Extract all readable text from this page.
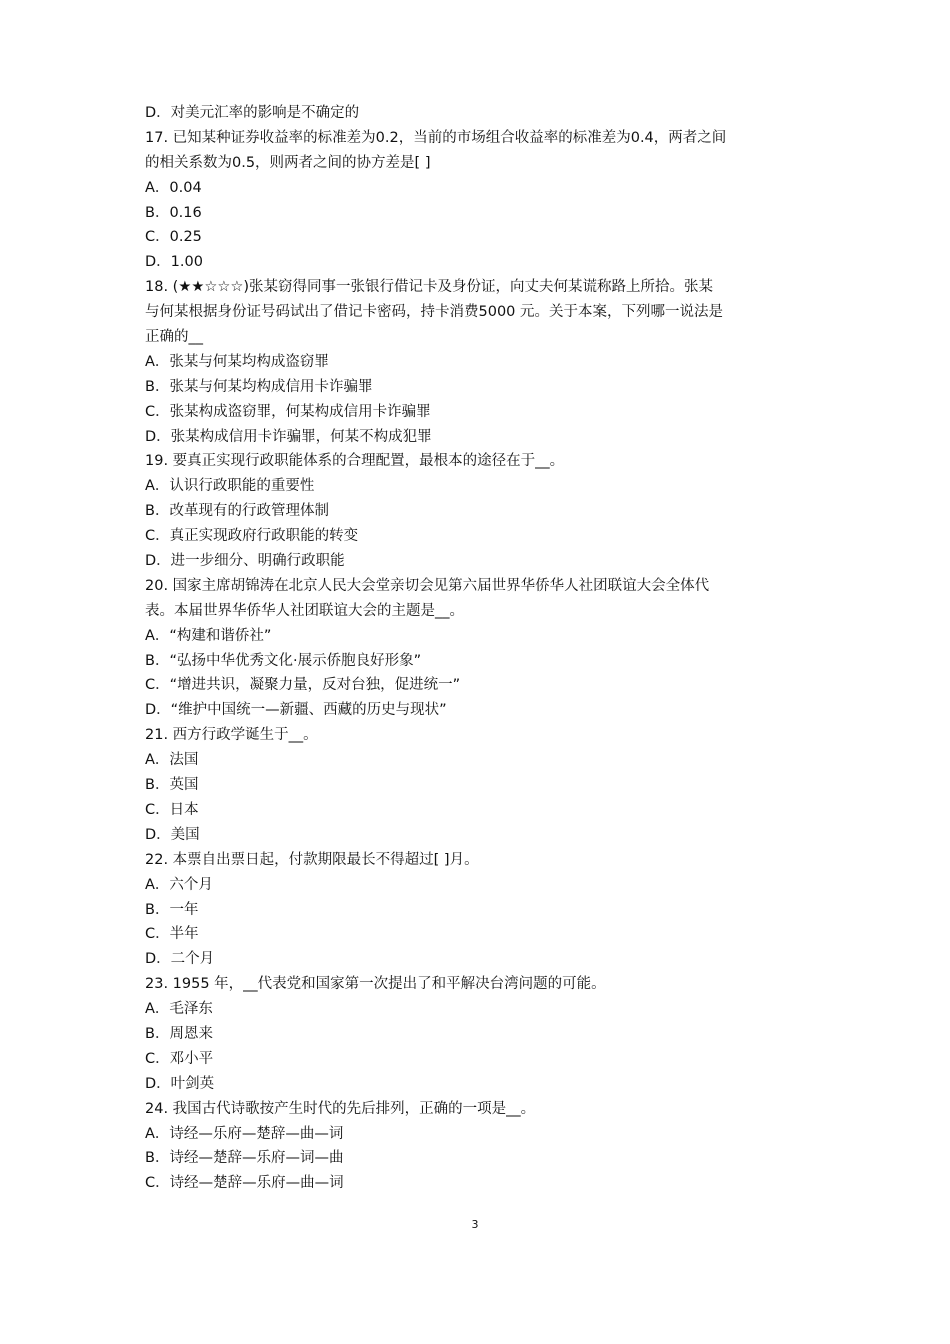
D．对美元汇率的影响是不确定的
17. 已知某种证券收益率的标准差为0.2，当前的市场组合收益率的标准差为0.4，两者之间
的相关系数为0.5，则两者之间的协方差是[ ]
A．0.04
B．0.16
C．0.25
D．1.00
18. (★★☆☆☆)张某窃得同事一张银行借记卡及身份证，向丈夫何某谎称路上所拾。张某
与何某根据身份证号码试出了借记卡密码，持卡消费5000 元。关于本案，下列哪一说法是
正确的__
A．张某与何某均构成盗窃罪
B．张某与何某均构成信用卡诈骗罪
C．张某构成盗窃罪，何某构成信用卡诈骗罪
D．张某构成信用卡诈骗罪，何某不构成犯罪
19. 要真正实现行政职能体系的合理配置，最根本的途径在于__。
A．认识行政职能的重要性
B．改革现有的行政管理体制
C．真正实现政府行政职能的转变
D．进一步细分、明确行政职能
20. 国家主席胡锦涛在北京人民大会堂亲切会见第六届世界华侨华人社团联谊大会全体代
表。本届世界华侨华人社团联谊大会的主题是__。
A．“构建和谐侨社”
B．“弘扬中华优秀文化·展示侨胞良好形象”
C．“增进共识，凝聚力量，反对台独，促进统一”
D．“维护中国统一—新疆、西藏的历史与现状”
21. 西方行政学诞生于__。
A．法国
B．英国
C．日本
D．美国
22. 本票自出票日起，付款期限最长不得超过[ ]月。
A．六个月
B．一年
C．半年
D．二个月
23. 1955 年，__代表党和国家第一次提出了和平解决台湾问题的可能。
A．毛泽东
B．周恩来
C．邓小平
D．叶剑英
24. 我国古代诗歌按产生时代的先后排列，正确的一项是__。
A．诗经—乐府—楚辞—曲—词
B．诗经—楚辞—乐府—词—曲
C．诗经—楚辞—乐府—曲—词
3
